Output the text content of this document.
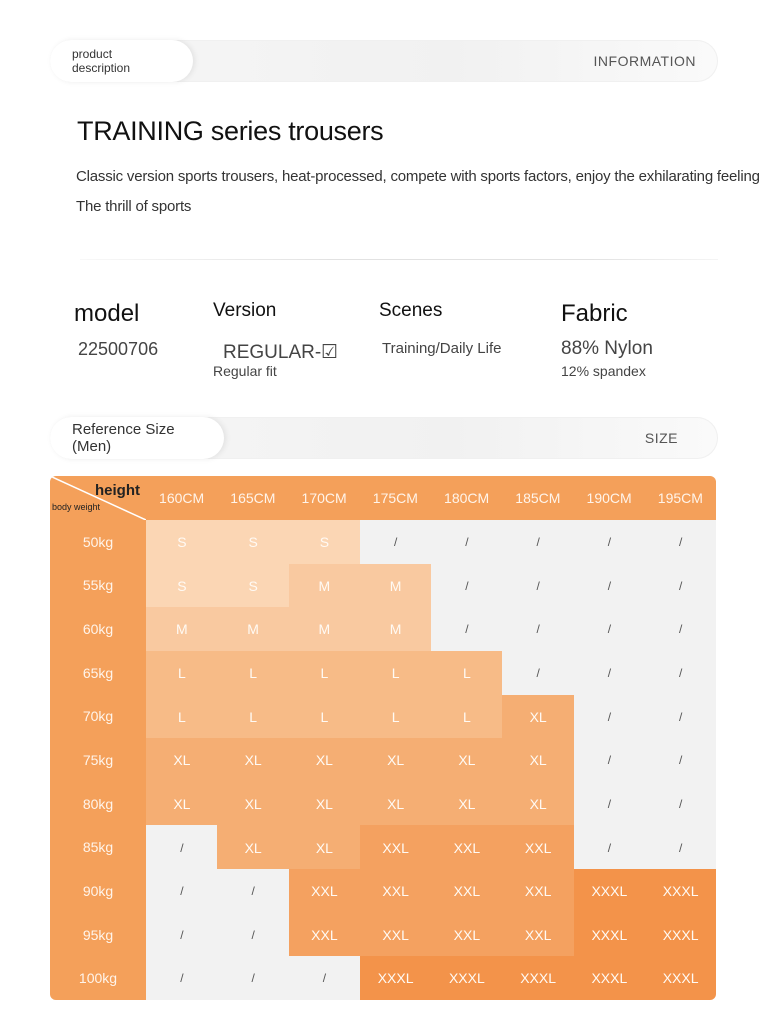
product description	INFORMATION
TRAINING series trousers
Classic version sports trousers, heat-processed, compete with sports factors, enjoy the exhilarating feeling
The thrill of sports
model
22500706
Version
REGULAR-☑
Regular fit
Scenes
Training/Daily Life
Fabric
88% Nylon
12% spandex
Reference Size (Men)	SIZE
height
body weight
160CM	165CM	170CM	175CM	180CM	185CM	190CM	195CM
50kg	S	S	S	/	/	/	/	/
55kg	S	S	M	M	/	/	/	/
60kg	M	M	M	M	/	/	/	/
65kg	L	L	L	L	L	/	/	/
70kg	L	L	L	L	L	XL	/	/
75kg	XL	XL	XL	XL	XL	XL	/	/
80kg	XL	XL	XL	XL	XL	XL	/	/
85kg	/	XL	XL	XXL	XXL	XXL	/	/
90kg	/	/	XXL	XXL	XXL	XXL	XXXL	XXXL
95kg	/	/	XXL	XXL	XXL	XXL	XXXL	XXXL
100kg	/	/	/	XXXL	XXXL	XXXL	XXXL	XXXL
